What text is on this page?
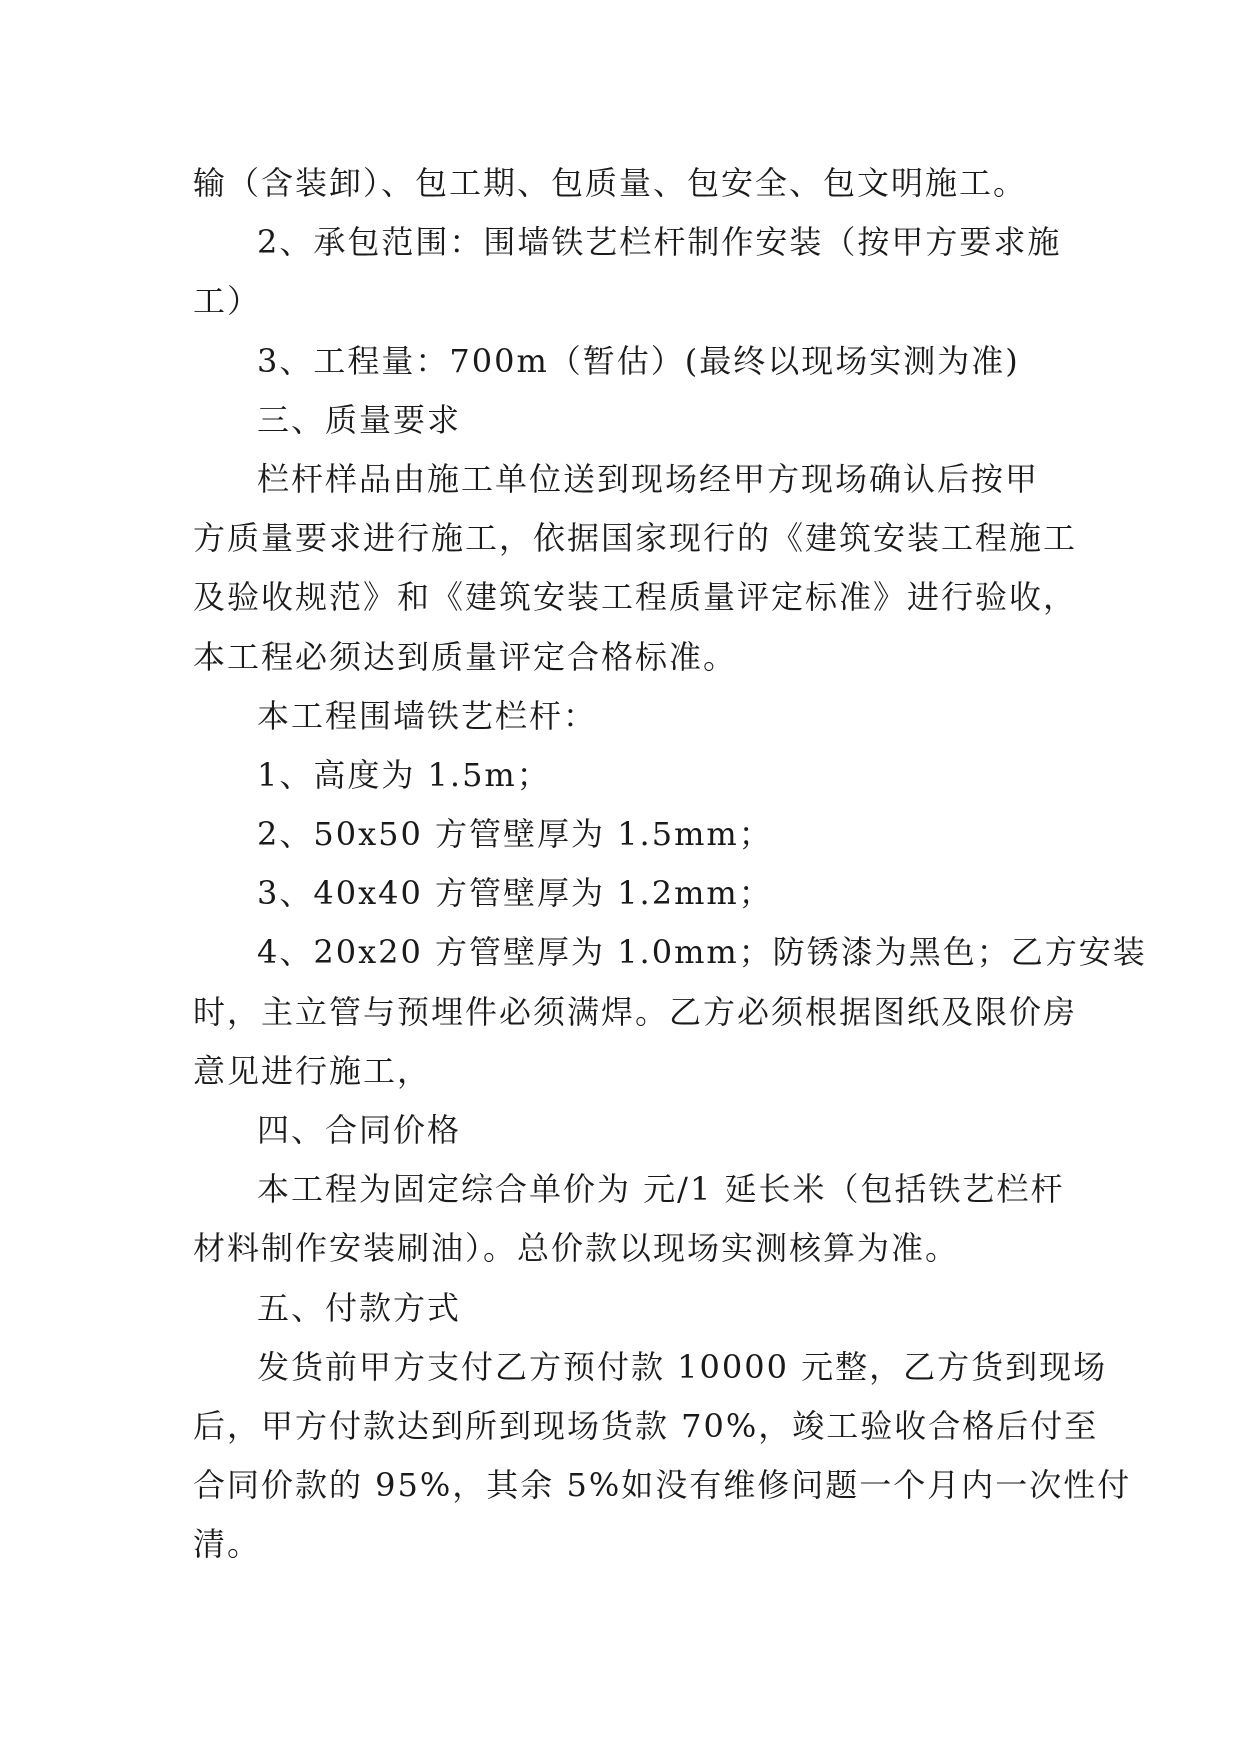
输（含装卸）、包工期、包质量、包安全、包文明施工。
2、承包范围：围墙铁艺栏杆制作安装（按甲方要求施
工）
3、工程量：700m（暂估）(最终以现场实测为准)
三、质量要求
栏杆样品由施工单位送到现场经甲方现场确认后按甲
方质量要求进行施工，依据国家现行的《建筑安装工程施工
及验收规范》和《建筑安装工程质量评定标准》进行验收，
本工程必须达到质量评定合格标准。
本工程围墙铁艺栏杆：
1、高度为 1.5m；
2、50x50 方管壁厚为 1.5mm；
3、40x40 方管壁厚为 1.2mm；
4、20x20 方管壁厚为 1.0mm；防锈漆为黑色；乙方安装
时，主立管与预埋件必须满焊。乙方必须根据图纸及限价房
意见进行施工，
四、合同价格
本工程为固定综合单价为 元/1 延长米（包括铁艺栏杆
材料制作安装刷油）。总价款以现场实测核算为准。
五、付款方式
发货前甲方支付乙方预付款 10000 元整，乙方货到现场
后，甲方付款达到所到现场货款 70%，竣工验收合格后付至
合同价款的 95%，其余 5%如没有维修问题一个月内一次性付
清。
